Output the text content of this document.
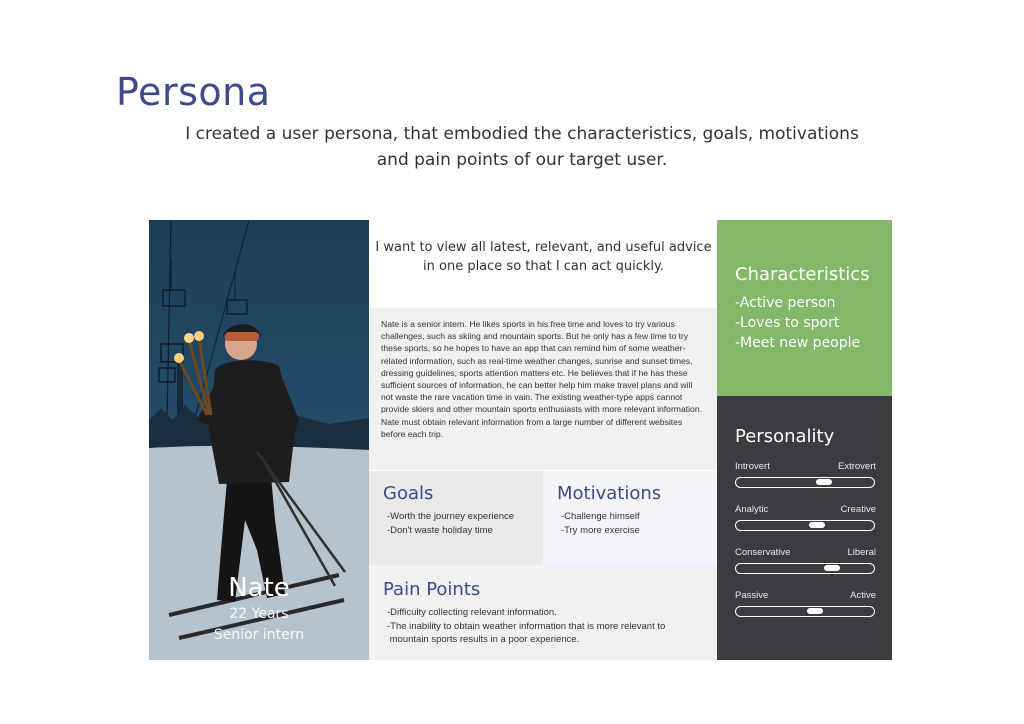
Persona

I created a user persona, that embodied the characteristics, goals, motivations and pain points of our target user.

Nate
22 Years
Senior intern

I want to view all latest, relevant, and useful advice in one place so that I can act quickly.

Nate is a senior intern. He likes sports in his free time and loves to try various challenges, such as skiing and mountain sports. But he only has a few time to try these sports, so he hopes to have an app that can remind him of some weather-related information, such as real-time weather changes, sunrise and sunset times, dressing guidelines, sports attention matters etc. He believes that if he has these sufficient sources of information, he can better help him make travel plans and will not waste the rare vacation time in vain. The existing weather-type apps cannot provide skiers and other mountain sports enthusiasts with more relevant information. Nate must obtain relevant information from a large number of different websites before each trip.
Goals
-Worth the journey experience
-Don't waste holiday time
Motivations
-Challenge himself
-Try more exercise
Pain Points
-Difficulty collecting relevant information.
-The inability to obtain weather information that is more relevant to
mountain sports results in a poor experience.
Characteristics
-Active person
-Loves to sport
-Meet new people
Personality
Introvert	Extrovert
Analytic	Creative
Conservative	Liberal
Passive	Active
